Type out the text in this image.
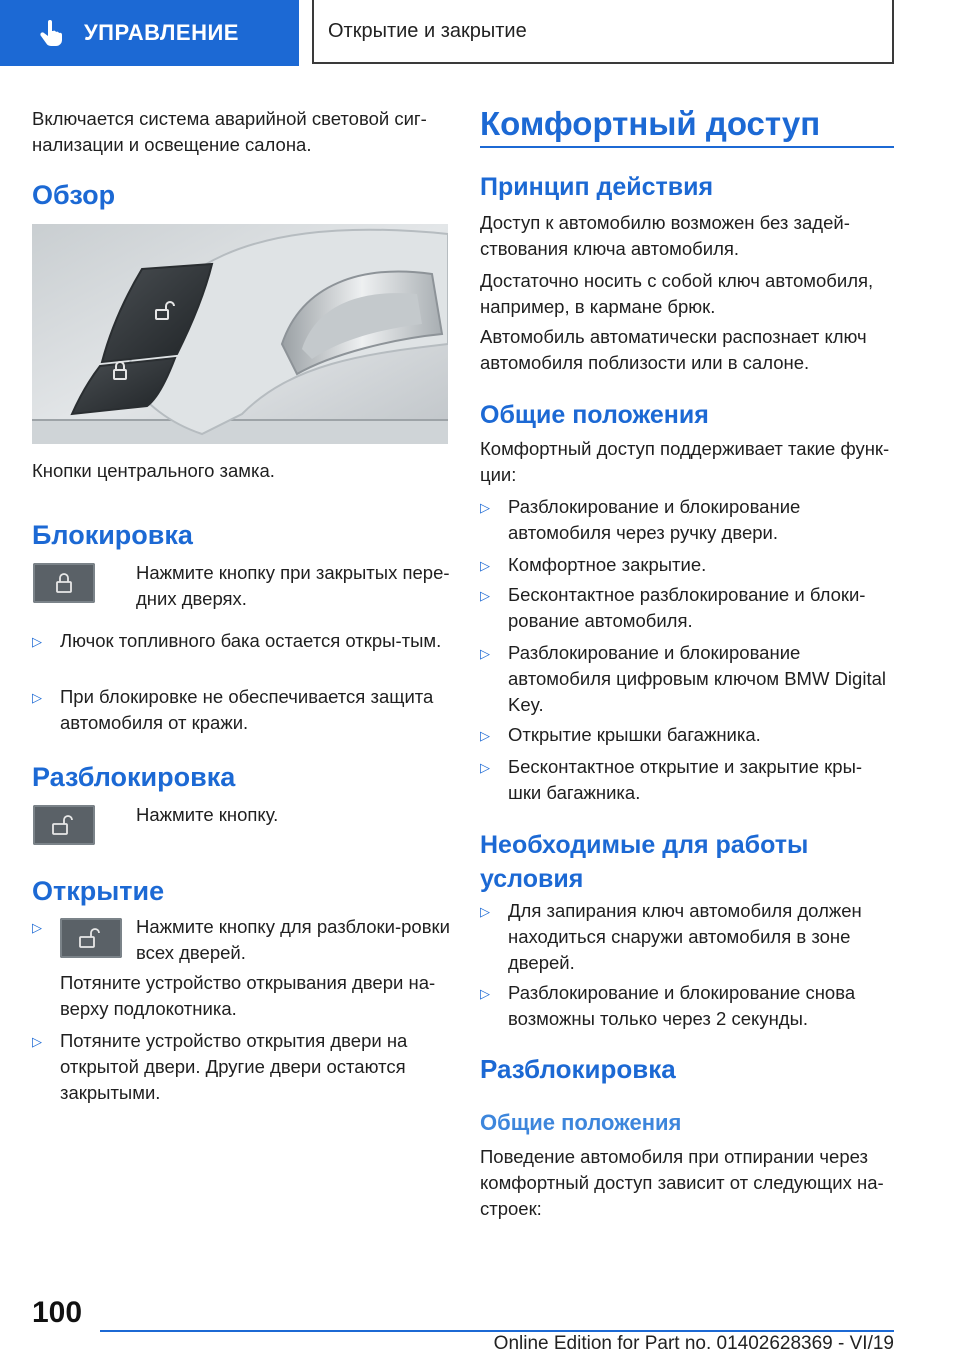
УПРАВЛЕНИЕ	Открытие и закрытие

Включается система аварийной световой сиг-нализации и освещение салона.

Обзор

Кнопки центрального замка.

Блокировка

Нажмите кнопку при закрытых пере-дних дверях.

▷ Лючок топливного бака остается откры-тым.

▷ При блокировке не обеспечивается защита автомобиля от кражи.

Разблокировка

Нажмите кнопку.

Открытие
▷	Нажмите кнопку для разблоки-ровки всех дверей.

Потяните устройство открывания двери на-верху подлокотника.

▷ Потяните устройство открытия двери на открытой двери. Другие двери остаются закрытыми.

Комфортный доступ
Принцип действия

Доступ к автомобилю возможен без задей-ствования ключа автомобиля.

Достаточно носить с собой ключ автомобиля, например, в кармане брюк.

Автомобиль автоматически распознает ключ автомобиля поблизости или в салоне.

Общие положения

Комфортный доступ поддерживает такие функ-ции:

▷ Разблокирование и блокирование автомобиля через ручку двери.

▷ Комфортное закрытие.

▷ Бесконтактное разблокирование и блоки-рование автомобиля.

▷ Разблокирование и блокирование автомобиля цифровым ключом BMW Digital Key.

▷ Открытие крышки багажника.

▷ Бесконтактное открытие и закрытие кры-шки багажника.

Необходимые для работы условия
▷ Для запирания ключ автомобиля должен находиться снаружи автомобиля в зоне дверей.

▷ Разблокирование и блокирование снова возможны только через 2 секунды.

Разблокировка
Общие положения

Поведение автомобиля при отпирании через комфортный доступ зависит от следующих на-строек:

100
Online Edition for Part no. 01402628369 - VI/19
